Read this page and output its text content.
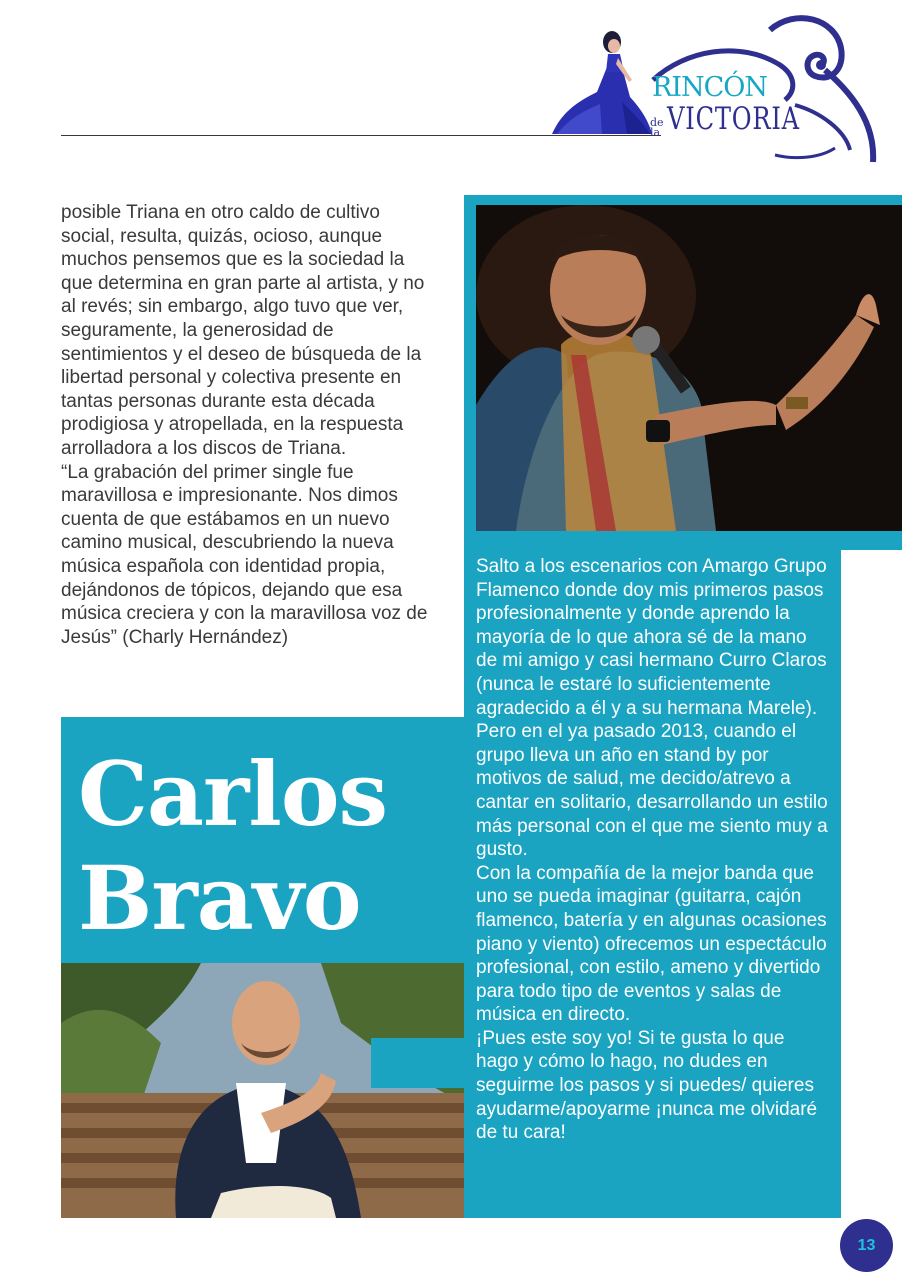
RINCÓN
de
la VICTORIA

posible Triana en otro caldo de cultivo social, resulta, quizás, ocioso, aunque muchos pensemos que es la sociedad la que determina en gran parte al artista, y no al revés; sin embargo, algo tuvo que ver, seguramente, la generosidad de sentimientos y el deseo de búsqueda de la libertad personal y colectiva presente en tantas personas durante esta década prodigiosa y atropellada, en la respuesta arrolladora a los discos de Triana.

“La grabación del primer single fue maravillosa e impresionante. Nos dimos cuenta de que estábamos en un nuevo camino musical, descubriendo la nueva música española con identidad propia, dejándonos de tópicos, dejando que esa música creciera y con la maravillosa voz de Jesús” (Charly Hernández)

Carlos
Bravo

Salto a los escenarios con Amargo Grupo Flamenco donde doy mis primeros pasos profesionalmente y donde aprendo la mayoría de lo que ahora sé de la mano de mi amigo y casi hermano Curro Claros (nunca le estaré lo suficientemente agradecido a él y a su hermana Marele). Pero en el ya pasado 2013, cuando el grupo lleva un año en stand by por motivos de salud, me decido/atrevo a cantar en solitario, desarrollando un estilo más personal con el que me siento muy a gusto.

Con la compañía de la mejor banda que uno se pueda imaginar (guitarra, cajón flamenco, batería y en algunas ocasiones piano y viento) ofrecemos un espectáculo profesional, con estilo, ameno y divertido para todo tipo de eventos y salas de música en directo.

¡Pues este soy yo! Si te gusta lo que hago y cómo lo hago, no dudes en seguirme los pasos y si puedes/ quieres ayudarme/apoyarme ¡nunca me olvidaré de tu cara!

13
